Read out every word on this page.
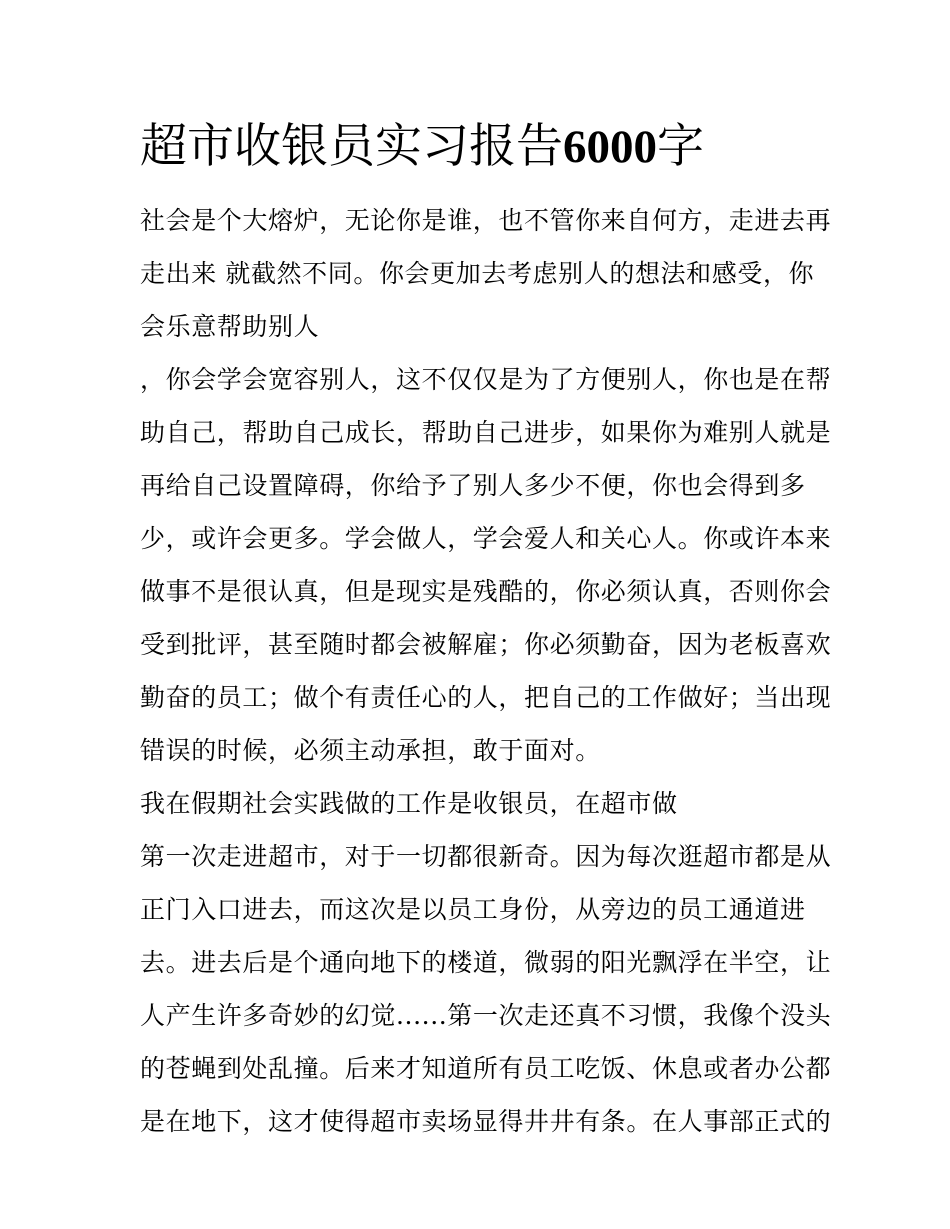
超市收银员实习报告6000字
社会是个大熔炉，无论你是谁，也不管你来自何方，走进去再
走出来 就截然不同。你会更加去考虑别人的想法和感受，你
会乐意帮助别人
，你会学会宽容别人，这不仅仅是为了方便别人，你也是在帮
助自己，帮助自己成长，帮助自己进步，如果你为难别人就是
再给自己设置障碍，你给予了别人多少不便，你也会得到多
少，或许会更多。学会做人，学会爱人和关心人。你或许本来
做事不是很认真，但是现实是残酷的，你必须认真，否则你会
受到批评，甚至随时都会被解雇；你必须勤奋，因为老板喜欢
勤奋的员工；做个有责任心的人，把自己的工作做好；当出现
错误的时候，必须主动承担，敢于面对。
我在假期社会实践做的工作是收银员，在超市做
第一次走进超市，对于一切都很新奇。因为每次逛超市都是从
正门入口进去，而这次是以员工身份，从旁边的员工通道进
去。进去后是个通向地下的楼道，微弱的阳光飘浮在半空，让
人产生许多奇妙的幻觉......第一次走还真不习惯，我像个没头
的苍蝇到处乱撞。后来才知道所有员工吃饭、休息或者办公都
是在地下，这才使得超市卖场显得井井有条。在人事部正式的
